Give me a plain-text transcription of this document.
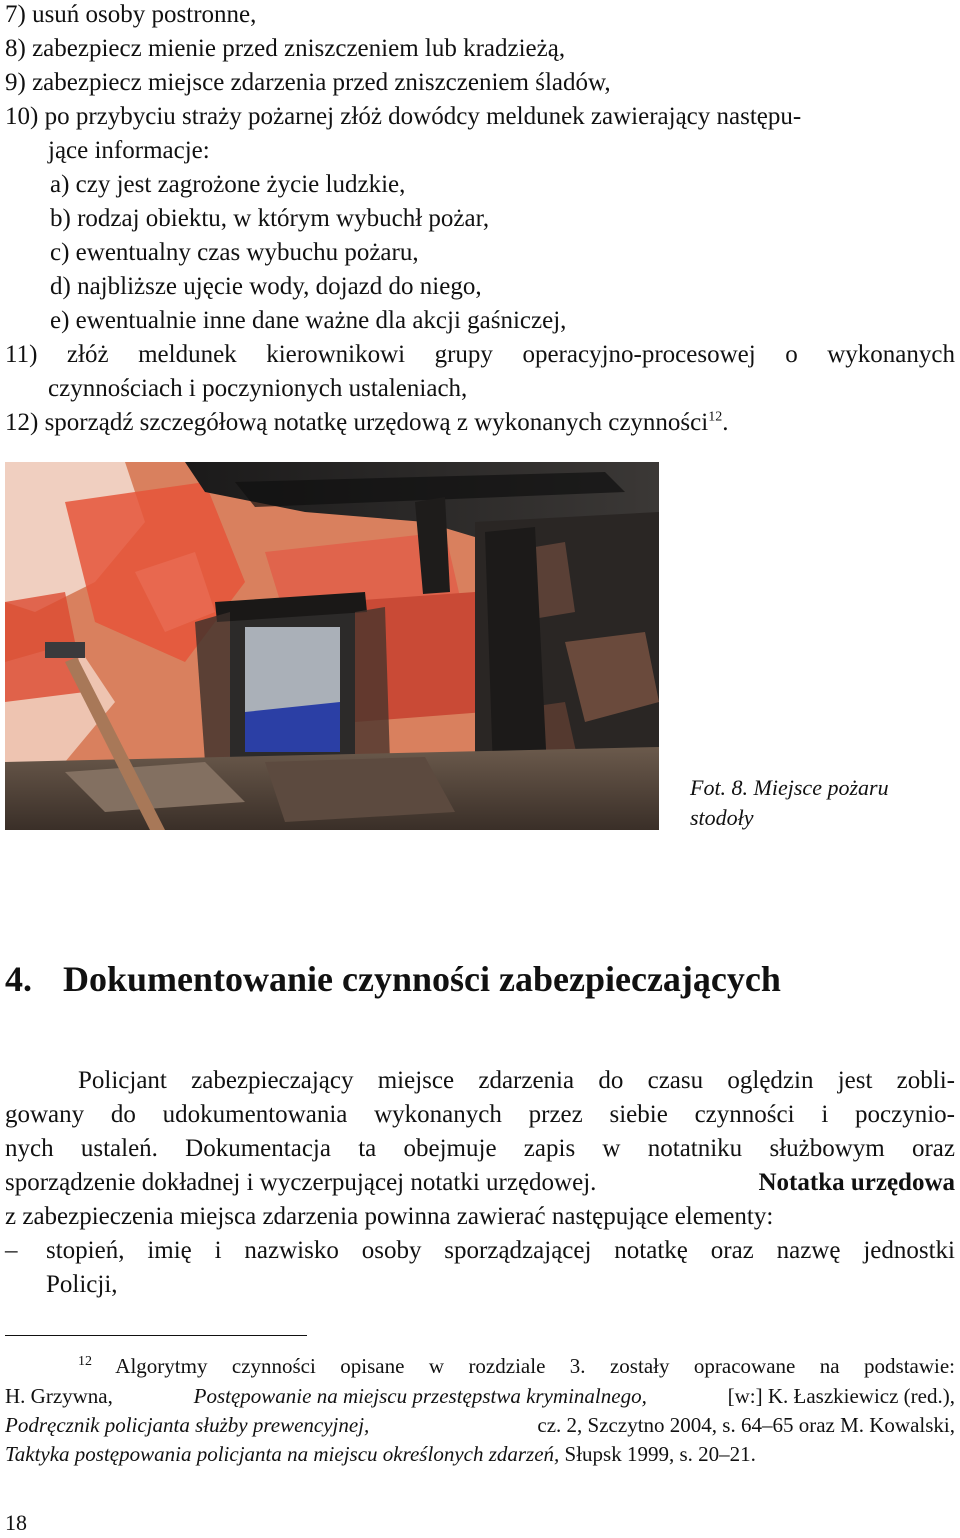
7) usuń osoby postronne,
8) zabezpiecz mienie przed zniszczeniem lub kradzieżą,
9) zabezpiecz miejsce zdarzenia przed zniszczeniem śladów,
10) po przybyciu straży pożarnej złóż dowódcy meldunek zawierający następu-
jące informacje:
a) czy jest zagrożone życie ludzkie,
b) rodzaj obiektu, w którym wybuchł pożar,
c) ewentualny czas wybuchu pożaru,
d) najbliższe ujęcie wody, dojazd do niego,
e) ewentualnie inne dane ważne dla akcji gaśniczej,
11) złóż meldunek kierownikowi grupy operacyjno-procesowej o wykonanych
czynnościach i poczynionych ustaleniach,
12) sporządź szczegółową notatkę urzędową z wykonanych czynności$^{12}$.
Fot. 8. Miejsce pożaru
stodoły
4. Dokumentowanie czynności zabezpieczających
Policjant zabezpieczający miejsce zdarzenia do czasu oględzin jest zobli-
gowany do udokumentowania wykonanych przez siebie czynności i poczynio-
nych ustaleń. Dokumentacja ta obejmuje zapis w notatniku służbowym oraz
sporządzenie dokładnej i wyczerpującej notatki urzędowej.	Notatka urzędowa
z zabezpieczenia miejsca zdarzenia powinna zawierać następujące elementy:
– stopień, imię i nazwisko osoby sporządzającej notatkę oraz nazwę jednostki
Policji,
$^{12}$ Algorytmy czynności opisane w rozdziale 3. zostały opracowane na podstawie:
H. Grzywna,	Postępowanie na miejscu przestępstwa kryminalnego,	[w:] K. Łaszkiewicz (red.),
Podręcznik policjanta służby prewencyjnej,	cz. 2, Szczytno 2004, s. 64–65 oraz M. Kowalski,
Taktyka postępowania policjanta na miejscu określonych zdarzeń, Słupsk 1999, s. 20–21.
18
